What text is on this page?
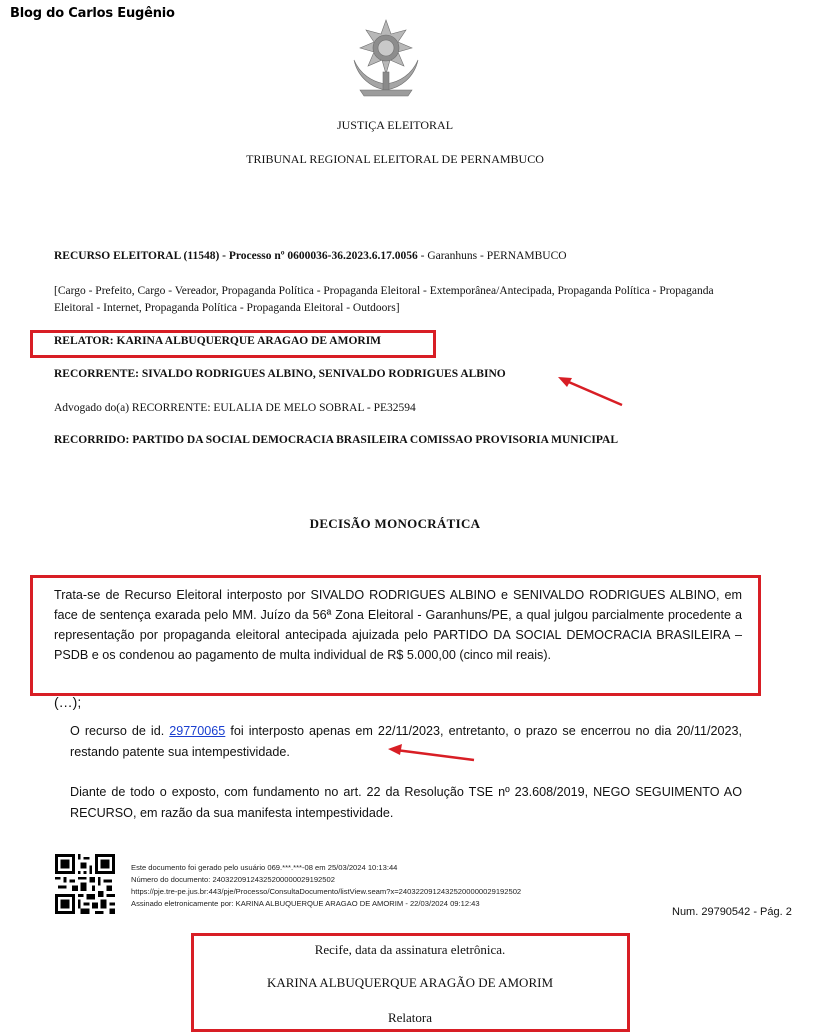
Blog do Carlos Eugênio
JUSTIÇA ELEITORAL
TRIBUNAL REGIONAL ELEITORAL DE PERNAMBUCO
RECURSO ELEITORAL (11548) - Processo nº 0600036-36.2023.6.17.0056 - Garanhuns - PERNAMBUCO
[Cargo - Prefeito, Cargo - Vereador, Propaganda Política - Propaganda Eleitoral - Extemporânea/Antecipada, Propaganda Política - Propaganda Eleitoral - Internet, Propaganda Política - Propaganda Eleitoral - Outdoors]
RELATOR: KARINA ALBUQUERQUE ARAGAO DE AMORIM
RECORRENTE: SIVALDO RODRIGUES ALBINO, SENIVALDO RODRIGUES ALBINO
Advogado do(a) RECORRENTE: EULALIA DE MELO SOBRAL - PE32594
RECORRIDO: PARTIDO DA SOCIAL DEMOCRACIA BRASILEIRA COMISSAO PROVISORIA MUNICIPAL
DECISÃO MONOCRÁTICA
Trata-se de Recurso Eleitoral interposto por SIVALDO RODRIGUES ALBINO e SENIVALDO RODRIGUES ALBINO, em face de sentença exarada pelo MM. Juízo da 56ª Zona Eleitoral - Garanhuns/PE, a qual julgou parcialmente procedente a representação por propaganda eleitoral antecipada ajuizada pelo PARTIDO DA SOCIAL DEMOCRACIA BRASILEIRA – PSDB e os condenou ao pagamento de multa individual de R$ 5.000,00 (cinco mil reais).
(…);
O recurso de id. 29770065 foi interposto apenas em 22/11/2023, entretanto, o prazo se encerrou no dia 20/11/2023, restando patente sua intempestividade.
Diante de todo o exposto, com fundamento no art. 22 da Resolução TSE nº 23.608/2019, NEGO SEGUIMENTO AO RECURSO, em razão da sua manifesta intempestividade.
Este documento foi gerado pelo usuário 069.***.***-08 em 25/03/2024 10:13:44
Número do documento: 24032209124325200000029192502
https://pje.tre-pe.jus.br:443/pje/Processo/ConsultaDocumento/listView.seam?x=24032209124325200000029192502
Assinado eletronicamente por: KARINA ALBUQUERQUE ARAGAO DE AMORIM - 22/03/2024 09:12:43
Num. 29790542 - Pág. 2
Recife, data da assinatura eletrônica.
KARINA ALBUQUERQUE ARAGÃO DE AMORIM
Relatora
